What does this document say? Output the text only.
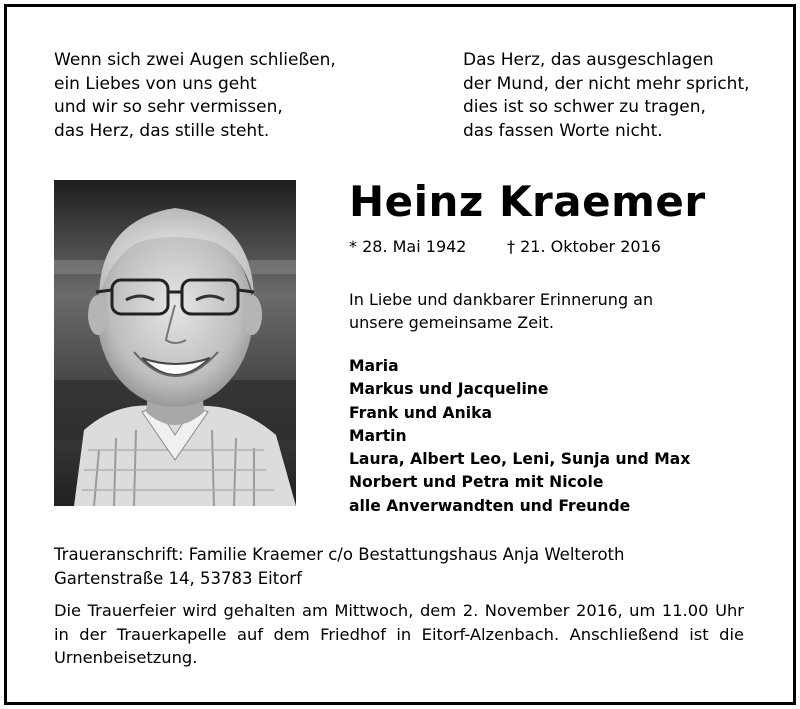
Wenn sich zwei Augen schließen,
ein Liebes von uns geht
und wir so sehr vermissen,
das Herz, das stille steht.
Das Herz, das ausgeschlagen
der Mund, der nicht mehr spricht,
dies ist so schwer zu tragen,
das fassen Worte nicht.
Heinz Kraemer
* 28. Mai 1942	† 21. Oktober 2016
In Liebe und dankbarer Erinnerung an
unsere gemeinsame Zeit.
Maria
Markus und Jacqueline
Frank und Anika
Martin
Laura, Albert Leo, Leni, Sunja und Max
Norbert und Petra mit Nicole
alle Anverwandten und Freunde
Traueranschrift: Familie Kraemer c/o Bestattungshaus Anja Welteroth
Gartenstraße 14, 53783 Eitorf
Die Trauerfeier wird gehalten am Mittwoch, dem 2. November 2016, um 11.00 Uhr
in der Trauerkapelle auf dem Friedhof in Eitorf-Alzenbach. Anschließend ist die
Urnenbeisetzung.
